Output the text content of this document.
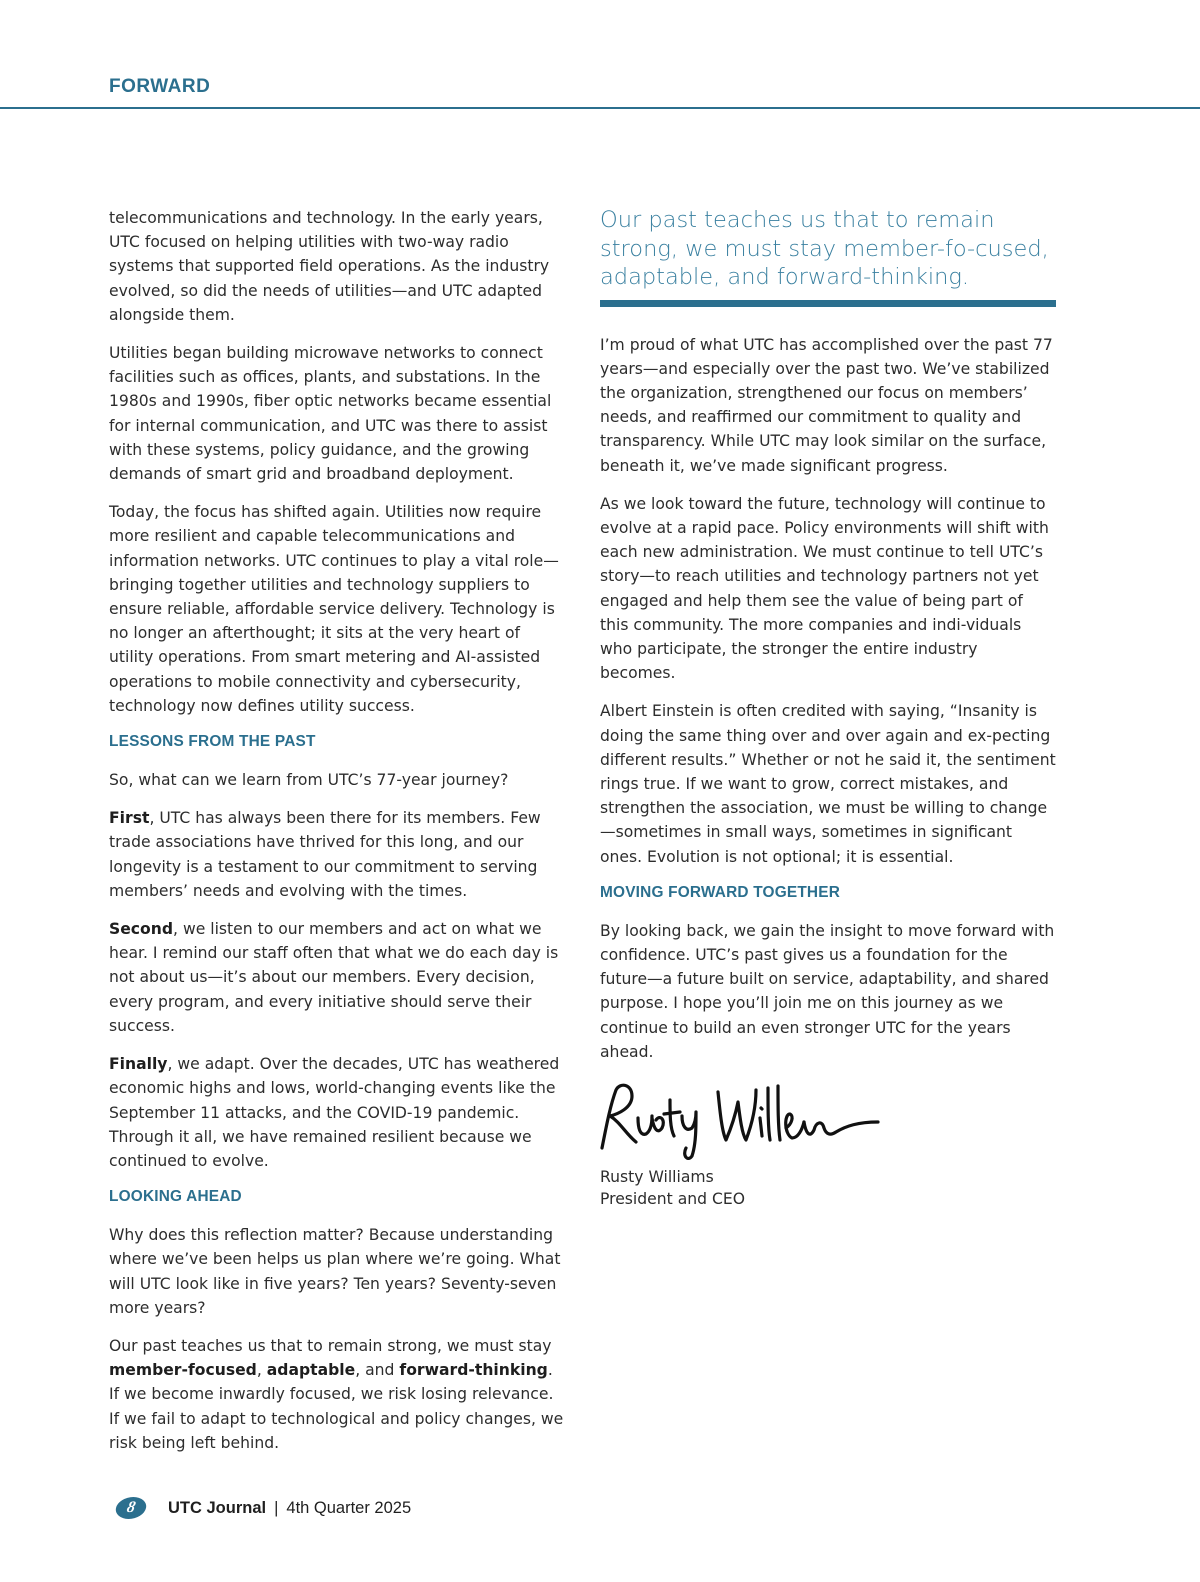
FORWARD

telecommunications and technology. In the early years, UTC focused on helping utilities with two-way radio systems that supported field operations. As the industry evolved, so did the needs of utilities—and UTC adapted alongside them.

Utilities began building microwave networks to connect facilities such as offices, plants, and substations. In the 1980s and 1990s, fiber optic networks became essential for internal communication, and UTC was there to assist with these systems, policy guidance, and the growing demands of smart grid and broadband deployment.

Today, the focus has shifted again. Utilities now require more resilient and capable telecommunications and information networks. UTC continues to play a vital role—bringing together utilities and technology suppliers to ensure reliable, affordable service delivery. Technology is no longer an afterthought; it sits at the very heart of utility operations. From smart metering and AI-assisted operations to mobile connectivity and cybersecurity, technology now defines utility success.

LESSONS FROM THE PAST

So, what can we learn from UTC’s 77-year journey?

First, UTC has always been there for its members. Few trade associations have thrived for this long, and our longevity is a testament to our commitment to serving members’ needs and evolving with the times.

Second, we listen to our members and act on what we hear. I remind our staff often that what we do each day is not about us—it’s about our members. Every decision, every program, and every initiative should serve their success.

Finally, we adapt. Over the decades, UTC has weathered economic highs and lows, world-changing events like the September 11 attacks, and the COVID-19 pandemic. Through it all, we have remained resilient because we continued to evolve.

LOOKING AHEAD

Why does this reflection matter? Because understanding where we’ve been helps us plan where we’re going. What will UTC look like in five years? Ten years? Seventy-seven more years?

Our past teaches us that to remain strong, we must stay member-focused, adaptable, and forward-thinking. If we become inwardly focused, we risk losing relevance. If we fail to adapt to technological and policy changes, we risk being left behind.

Our past teaches us that to remain strong, we must stay member-fo-cused, adaptable, and forward-thinking.

I’m proud of what UTC has accomplished over the past 77 years—and especially over the past two. We’ve stabilized the organization, strengthened our focus on members’ needs, and reaffirmed our commitment to quality and transparency. While UTC may look similar on the surface, beneath it, we’ve made significant progress.

As we look toward the future, technology will continue to evolve at a rapid pace. Policy environments will shift with each new administration. We must continue to tell UTC’s story—to reach utilities and technology partners not yet engaged and help them see the value of being part of this community. The more companies and indi-viduals who participate, the stronger the entire industry becomes.

Albert Einstein is often credited with saying, “Insanity is doing the same thing over and over again and ex-pecting different results.” Whether or not he said it, the sentiment rings true. If we want to grow, correct mistakes, and strengthen the association, we must be willing to change—sometimes in small ways, sometimes in significant ones. Evolution is not optional; it is essential.

MOVING FORWARD TOGETHER

By looking back, we gain the insight to move forward with confidence. UTC’s past gives us a foundation for the future—a future built on service, adaptability, and shared purpose. I hope you’ll join me on this journey as we continue to build an even stronger UTC for the years ahead.

Rusty Williams
President and CEO
8	UTC Journal | 4th Quarter 2025
